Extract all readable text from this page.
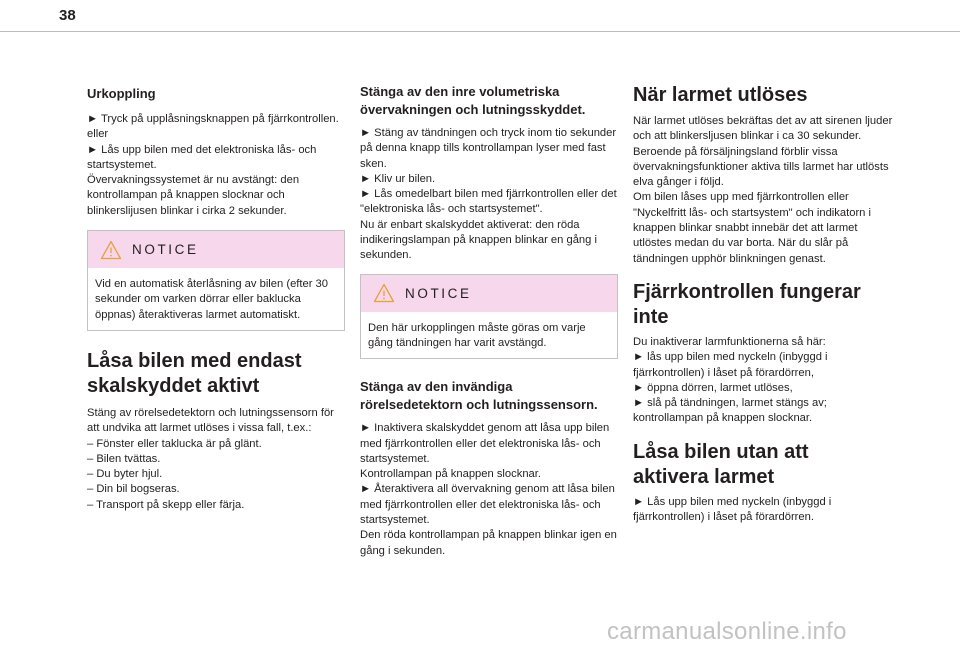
38
Urkoppling

► Tryck på upplåsningsknappen på fjärrkontrollen.
eller
► Lås upp bilen med det elektroniska lås- och startsystemet.
Övervakningssystemet är nu avstängt: den kontrollampan på knappen slocknar och blinkerslijusen blinkar i cirka 2 sekunder.

NOTICE

Vid en automatisk återlåsning av bilen (efter 30 sekunder om varken dörrar eller baklucka öppnas) återaktiveras larmet automatiskt.

Låsa bilen med endast skalskyddet aktivt

Stäng av rörelsedetektorn och lutningssensorn för att undvika att larmet utlöses i vissa fall, t.ex.:
– Fönster eller taklucka är på glänt.
– Bilen tvättas.
– Du byter hjul.
– Din bil bogseras.
– Transport på skepp eller färja.

Stänga av den inre volumetriska övervakningen och lutningsskyddet.

► Stäng av tändningen och tryck inom tio sekunder på denna knapp tills kontrollampan lyser med fast sken.
► Kliv ur bilen.
► Lås omedelbart bilen med fjärrkontrollen eller det "elektroniska lås- och startsystemet".
Nu är enbart skalskyddet aktiverat: den röda indikeringslampan på knappen blinkar en gång i sekunden.

NOTICE

Den här urkopplingen måste göras om varje gång tändningen har varit avstängd.

Stänga av den invändiga rörelsedetektorn och lutningssensorn.

► Inaktivera skalskyddet genom att låsa upp bilen med fjärrkontrollen eller det elektroniska lås- och startsystemet.
Kontrollampan på knappen slocknar.
► Återaktivera all övervakning genom att låsa bilen med fjärrkontrollen eller det elektroniska lås- och startsystemet.
Den röda kontrollampan på knappen blinkar igen en gång i sekunden.

När larmet utlöses

När larmet utlöses bekräftas det av att sirenen ljuder och att blinkersljusen blinkar i ca 30 sekunder.
Beroende på försäljningsland förblir vissa övervakningsfunktioner aktiva tills larmet har utlösts elva gånger i följd.
Om bilen låses upp med fjärrkontrollen eller "Nyckelfritt lås- och startsystem" och indikatorn i knappen blinkar snabbt innebär det att larmet utlöstes medan du var borta. När du slår på tändningen upphör blinkningen genast.

Fjärrkontrollen fungerar inte

Du inaktiverar larmfunktionerna så här:
► lås upp bilen med nyckeln (inbyggd i fjärrkontrollen) i låset på förardörren,
► öppna dörren, larmet utlöses,
► slå på tändningen, larmet stängs av; kontrollampan på knappen slocknar.

Låsa bilen utan att aktivera larmet

► Lås upp bilen med nyckeln (inbyggd i fjärrkontrollen) i låset på förardörren.

carmanualsonline.info
